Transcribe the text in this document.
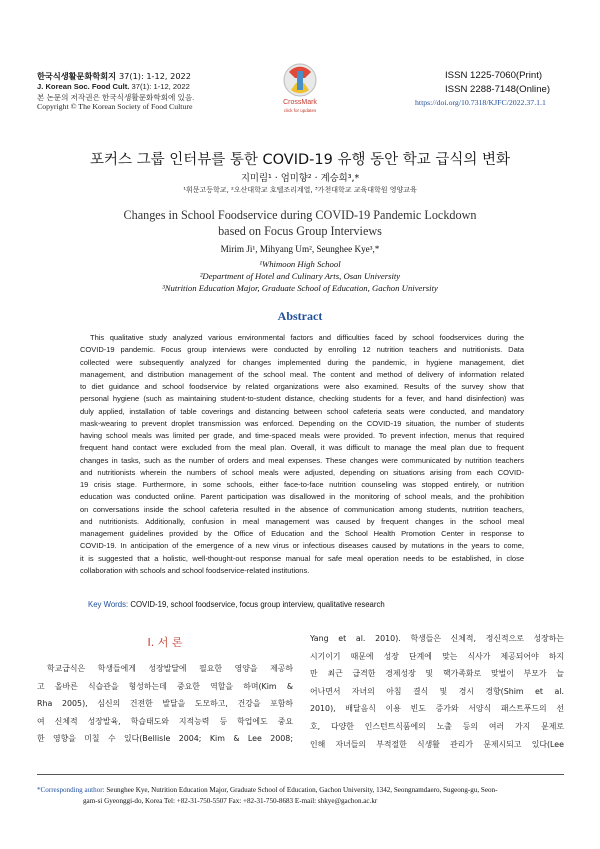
한국식생활문화학회지 37(1): 1-12, 2022
J. Korean Soc. Food Cult. 37(1): 1-12, 2022
본 논문의 저작권은 한국식생활문화학회에 있음.
Copyright © The Korean Society of Food Culture	CrossMark
click for updates
ISSN 1225-7060(Print)
ISSN 2288-7148(Online)
https://doi.org/10.7318/KJFC/2022.37.1.1
포커스 그룹 인터뷰를 통한 COVID-19 유행 동안 학교 급식의 변화
지미림¹ · 엄미향² · 계승희³,*
¹휘문고등학교, ²오산대학교 호텔조리계열, ³가천대학교 교육대학원 영양교육
Changes in School Foodservice during COVID-19 Pandemic Lockdown
based on Focus Group Interviews
Mirim Ji¹, Mihyang Um², Seunghee Kye³,*
¹Whimoon High School
²Department of Hotel and Culinary Arts, Osan University
³Nutrition Education Major, Graduate School of Education, Gachon University
Abstract
This qualitative study analyzed various environmental factors and difficulties faced by school foodservices during the
COVID-19 pandemic. Focus group interviews were conducted by enrolling 12 nutrition teachers and nutritionists. Data
collected were subsequently analyzed for changes implemented during the pandemic, in hygiene management, diet
management, and distribution management of the school meal. The content and method of delivery of information related
to diet guidance and school foodservice by related organizations were also examined. Results of the survey show that
personal hygiene (such as maintaining student-to-student distance, checking students for a fever, and hand disinfection) was
duly applied, installation of table coverings and distancing between school cafeteria seats were conducted, and mandatory
mask-wearing to prevent droplet transmission was enforced. Depending on the COVID-19 situation, the number of students
having school meals was limited per grade, and time-spaced meals were provided. To prevent infection, menus that required
frequent hand contact were excluded from the meal plan. Overall, it was difficult to manage the meal plan due to frequent
changes in tasks, such as the number of orders and meal expenses. These changes were communicated by nutrition teachers
and nutritionists wherein the numbers of school meals were adjusted, depending on situations arising from each COVID-
19 crisis stage. Furthermore, in some schools, either face-to-face nutrition counseling was stopped entirely, or nutrition
education was conducted online. Parent participation was disallowed in the monitoring of school meals, and the prohibition
on conversations inside the school cafeteria resulted in the absence of communication among students, nutrition teachers,
and nutritionists. Additionally, confusion in meal management was caused by frequent changes in the school meal
management guidelines provided by the Office of Education and the School Health Promotion Center in response to
COVID-19. In anticipation of the emergence of a new virus or infectious diseases caused by mutations in the years to come,
it is suggested that a holistic, well-thought-out response manual for safe meal operation needs to be established, in close
collaboration with schools and school foodservice-related institutions.
Key Words: COVID-19, school foodservice, focus group interview, qualitative research
Ⅰ. 서 론
학교급식은 학생들에게 성장발달에 필요한 영양을 제공하
고 올바른 식습관을 형성하는데 중요한 역할을 하며(Kim &
Rha 2005), 심신의 건전한 발달을 도모하고, 건강을 포함하
여 신체적 성장발육, 학습태도와 지적능력 등 학업에도 중요
한 영향을 미칠 수 있다(Bellisle 2004; Kim & Lee 2008;
Yang et al. 2010). 학생들은 신체적, 정신적으로 성장하는
시기이기 때문에 성장 단계에 맞는 식사가 제공되어야 하지
만 최근 급격한 경제성장 및 핵가족화로 맞벌이 부모가 늘
어나면서 자녀의 아침 결식 및 경시 경향(Shim et al.
2010), 배달음식 이용 빈도 증가와 서양식 패스트푸드의 선
호, 다양한 인스턴트식품에의 노출 등의 여러 가지 문제로
인해 자녀들의 부적절한 식생활 관리가 문제시되고 있다(Lee
*Corresponding author: Seunghee Kye, Nutrition Education Major, Graduate School of Education, Gachon University, 1342, Seongnamdaero, Sugeong-gu, Seon-
gam-si Gyeonggi-do, Korea Tel: +82-31-750-5507 Fax: +82-31-750-8683 E-mail: shkye@gachon.ac.kr
